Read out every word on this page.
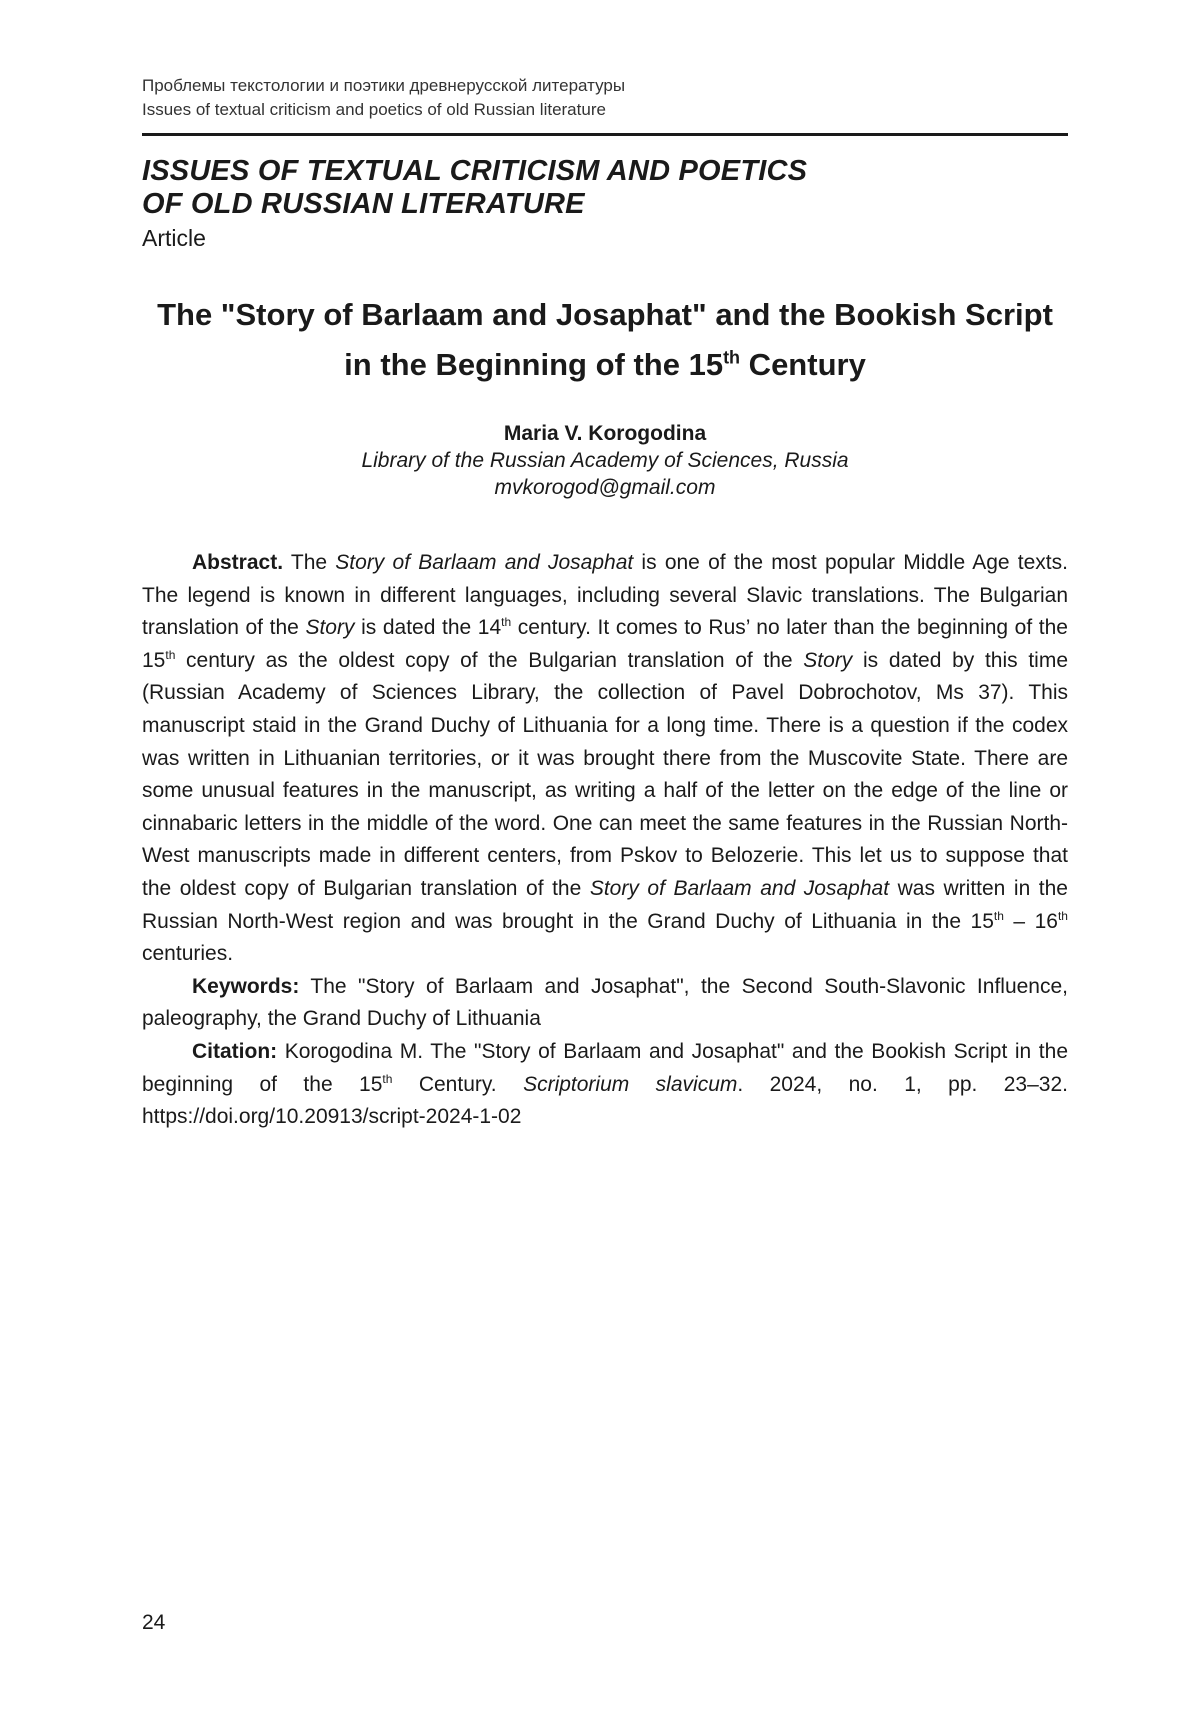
Проблемы текстологии и поэтики древнерусской литературы
Issues of textual criticism and poetics of old Russian literature
ISSUES OF TEXTUAL CRITICISM AND POETICS
OF OLD RUSSIAN LITERATURE
Article
The "Story of Barlaam and Josaphat" and the Bookish Script in the Beginning of the 15th Century
Maria V. Korogodina
Library of the Russian Academy of Sciences, Russia
mvkorogod@gmail.com

Abstract. The Story of Barlaam and Josaphat is one of the most popular Middle Age texts. The legend is known in different languages, including several Slavic translations. The Bulgarian translation of the Story is dated the 14th century. It comes to Rus’ no later than the beginning of the 15th century as the oldest copy of the Bulgarian translation of the Story is dated by this time (Russian Academy of Sciences Library, the collection of Pavel Dobrochotov, Ms 37). This manuscript staid in the Grand Duchy of Lithuania for a long time. There is a question if the codex was written in Lithuanian territories, or it was brought there from the Muscovite State. There are some unusual features in the manuscript, as writing a half of the letter on the edge of the line or cinnabaric letters in the middle of the word. One can meet the same features in the Russian North-West manuscripts made in different centers, from Pskov to Belozerie. This let us to suppose that the oldest copy of Bulgarian translation of the Story of Barlaam and Josaphat was written in the Russian North-West region and was brought in the Grand Duchy of Lithuania in the 15th – 16th centuries.

Keywords: The "Story of Barlaam and Josaphat", the Second South-Slavonic Influence, paleography, the Grand Duchy of Lithuania

Citation: Korogodina M. The "Story of Barlaam and Josaphat" and the Bookish Script in the beginning of the 15th Century. Scriptorium slavicum. 2024, no. 1, pp. 23–32. https://doi.org/10.20913/script-2024-1-02

24
